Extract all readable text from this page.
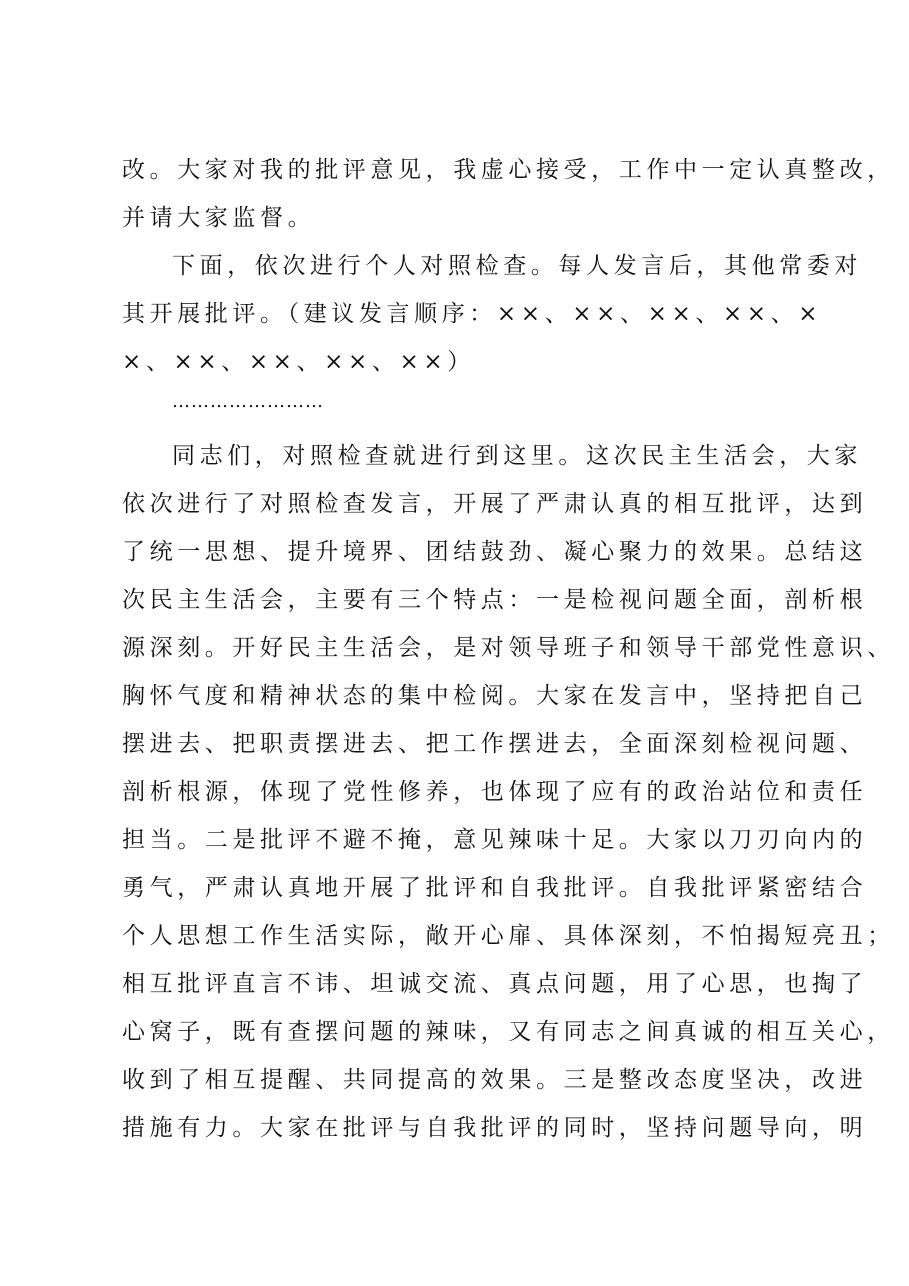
改。大家对我的批评意见，我虚心接受，工作中一定认真整改，

并请大家监督。

下面，依次进行个人对照检查。每人发言后，其他常委对

其开展批评。（建议发言顺序：××、××、××、××、×

×、××、××、××、××）

……………………

同志们，对照检查就进行到这里。这次民主生活会，大家

依次进行了对照检查发言，开展了严肃认真的相互批评，达到

了统一思想、提升境界、团结鼓劲、凝心聚力的效果。总结这

次民主生活会，主要有三个特点：一是检视问题全面，剖析根

源深刻。开好民主生活会，是对领导班子和领导干部党性意识、

胸怀气度和精神状态的集中检阅。大家在发言中，坚持把自己

摆进去、把职责摆进去、把工作摆进去，全面深刻检视问题、

剖析根源，体现了党性修养，也体现了应有的政治站位和责任

担当。二是批评不避不掩，意见辣味十足。大家以刀刃向内的

勇气，严肃认真地开展了批评和自我批评。自我批评紧密结合

个人思想工作生活实际，敞开心扉、具体深刻，不怕揭短亮丑；

相互批评直言不讳、坦诚交流、真点问题，用了心思，也掏了

心窝子，既有查摆问题的辣味，又有同志之间真诚的相互关心，

收到了相互提醒、共同提高的效果。三是整改态度坚决，改进

措施有力。大家在批评与自我批评的同时，坚持问题导向，明
